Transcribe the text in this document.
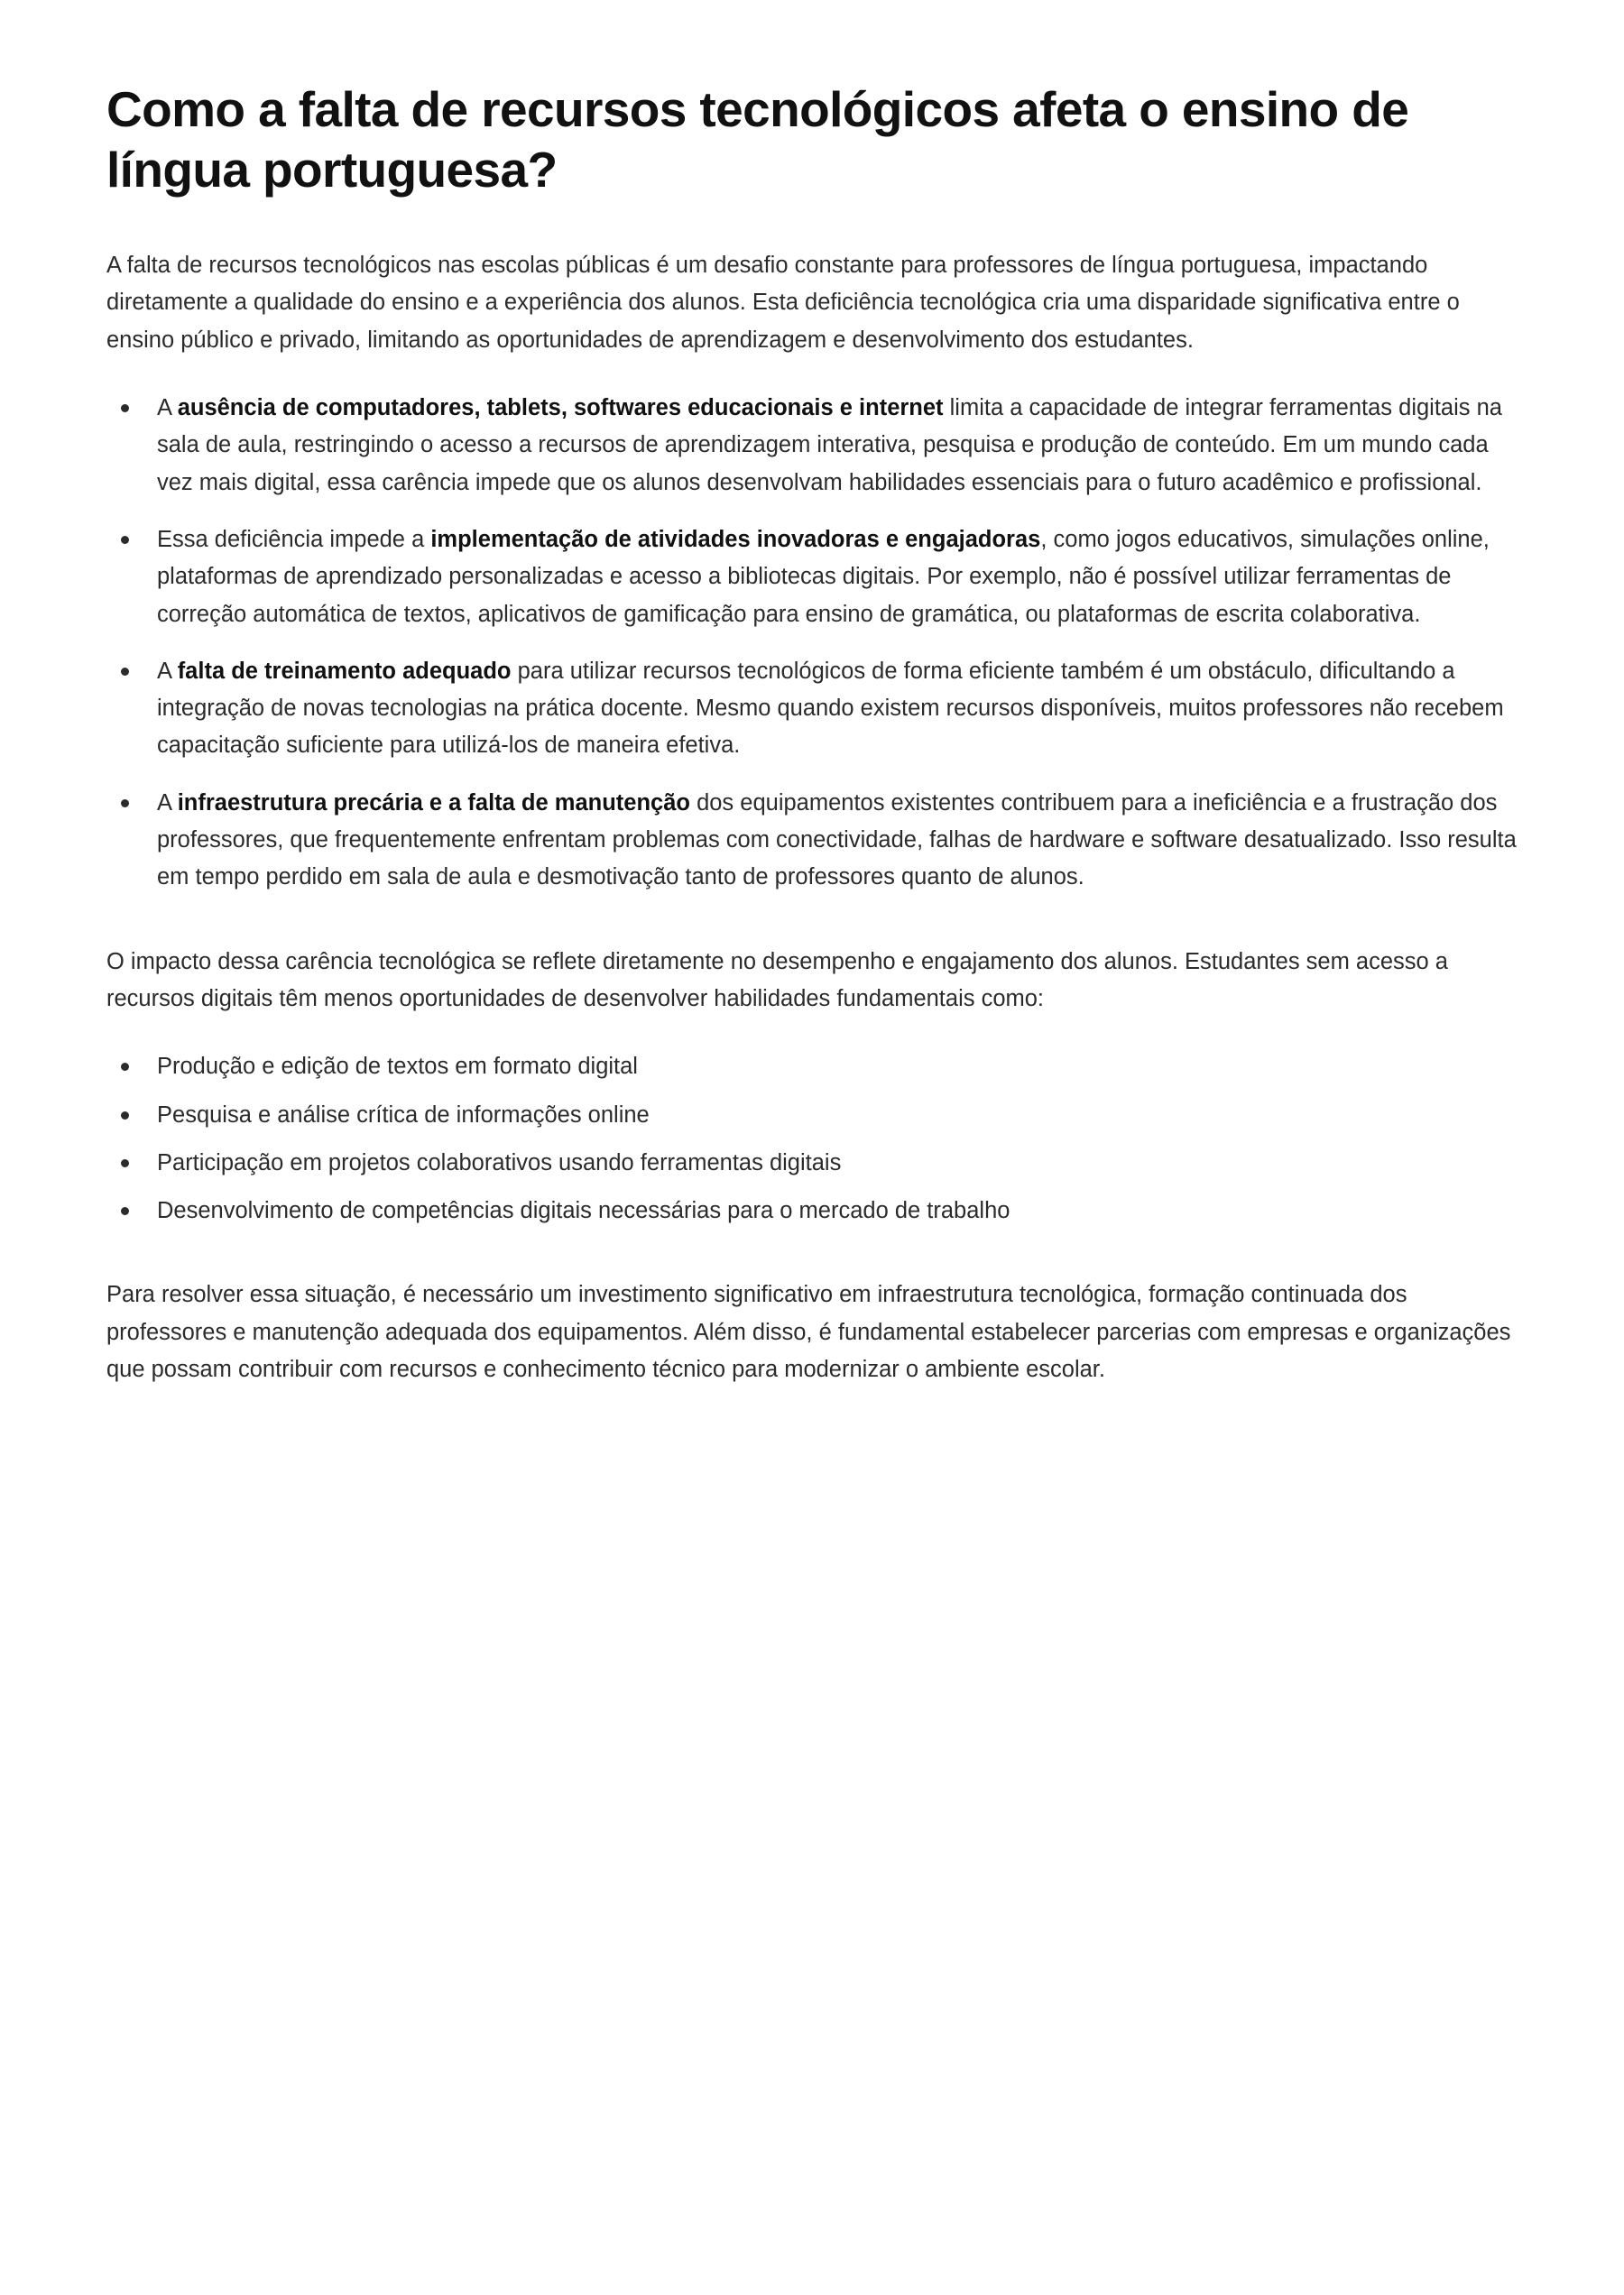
Como a falta de recursos tecnológicos afeta o ensino de língua portuguesa?

A falta de recursos tecnológicos nas escolas públicas é um desafio constante para professores de língua portuguesa, impactando diretamente a qualidade do ensino e a experiência dos alunos. Esta deficiência tecnológica cria uma disparidade significativa entre o ensino público e privado, limitando as oportunidades de aprendizagem e desenvolvimento dos estudantes.

A ausência de computadores, tablets, softwares educacionais e internet limita a capacidade de integrar ferramentas digitais na sala de aula, restringindo o acesso a recursos de aprendizagem interativa, pesquisa e produção de conteúdo. Em um mundo cada vez mais digital, essa carência impede que os alunos desenvolvam habilidades essenciais para o futuro acadêmico e profissional.
Essa deficiência impede a implementação de atividades inovadoras e engajadoras, como jogos educativos, simulações online, plataformas de aprendizado personalizadas e acesso a bibliotecas digitais. Por exemplo, não é possível utilizar ferramentas de correção automática de textos, aplicativos de gamificação para ensino de gramática, ou plataformas de escrita colaborativa.
A falta de treinamento adequado para utilizar recursos tecnológicos de forma eficiente também é um obstáculo, dificultando a integração de novas tecnologias na prática docente. Mesmo quando existem recursos disponíveis, muitos professores não recebem capacitação suficiente para utilizá-los de maneira efetiva.
A infraestrutura precária e a falta de manutenção dos equipamentos existentes contribuem para a ineficiência e a frustração dos professores, que frequentemente enfrentam problemas com conectividade, falhas de hardware e software desatualizado. Isso resulta em tempo perdido em sala de aula e desmotivação tanto de professores quanto de alunos.

O impacto dessa carência tecnológica se reflete diretamente no desempenho e engajamento dos alunos. Estudantes sem acesso a recursos digitais têm menos oportunidades de desenvolver habilidades fundamentais como:

Produção e edição de textos em formato digital
Pesquisa e análise crítica de informações online
Participação em projetos colaborativos usando ferramentas digitais
Desenvolvimento de competências digitais necessárias para o mercado de trabalho

Para resolver essa situação, é necessário um investimento significativo em infraestrutura tecnológica, formação continuada dos professores e manutenção adequada dos equipamentos. Além disso, é fundamental estabelecer parcerias com empresas e organizações que possam contribuir com recursos e conhecimento técnico para modernizar o ambiente escolar.
